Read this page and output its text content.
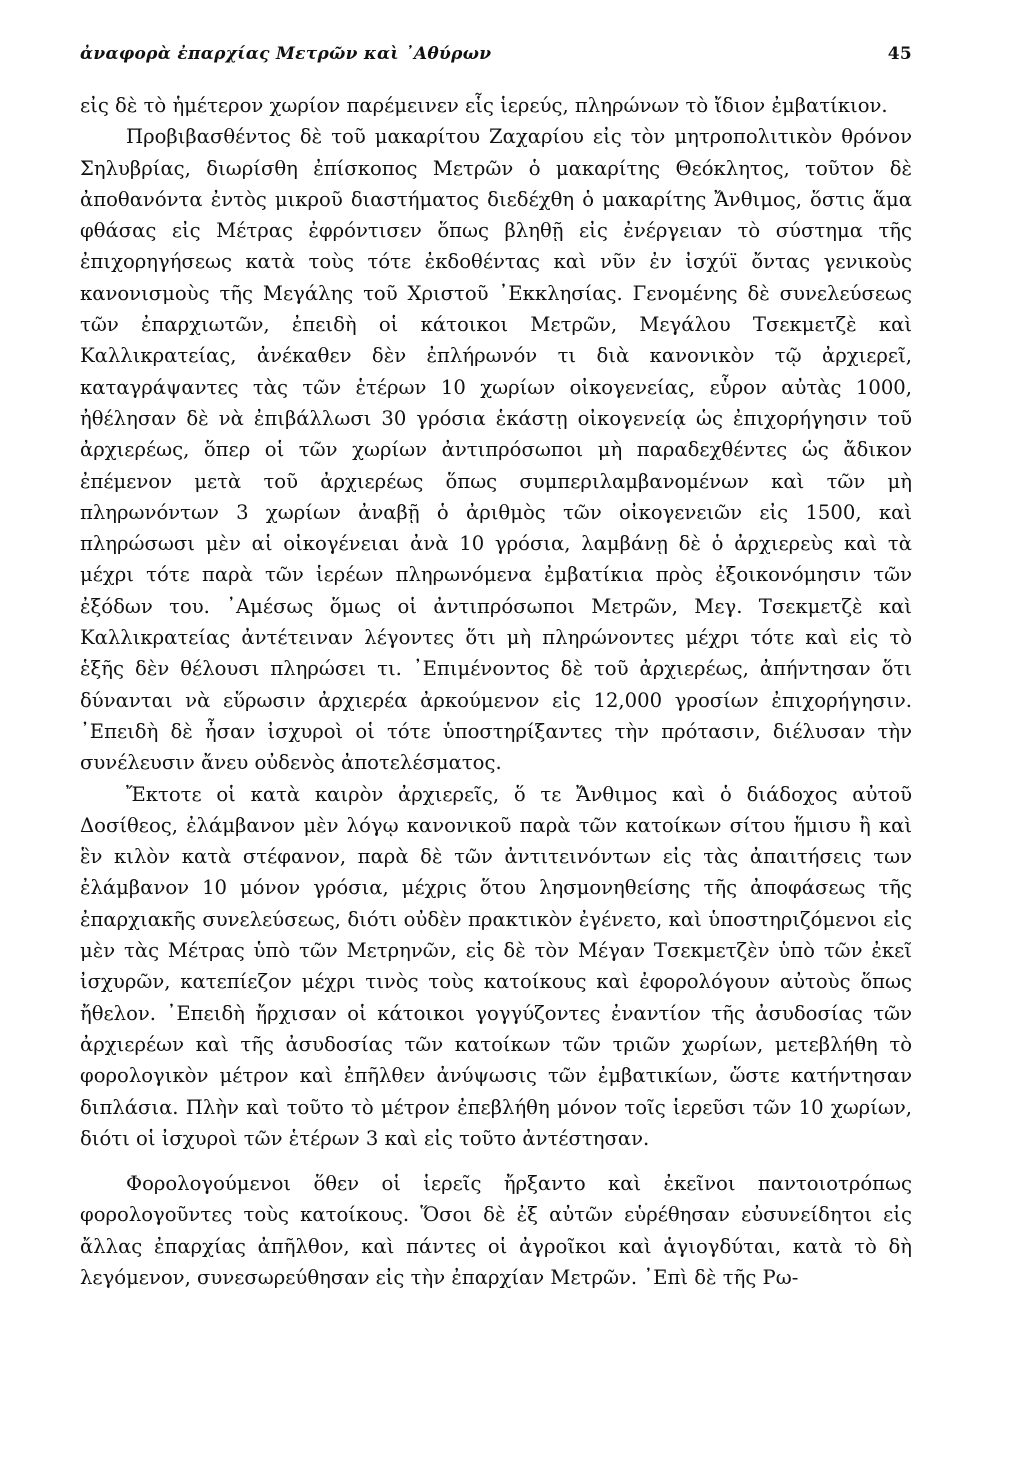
ἀναφορὰ ἐπαρχίας Μετρῶν καὶ ᾿Αθύρων	45

εἰς δὲ τὸ ἡμέτερον χωρίον παρέμεινεν εἷς ἱερεύς, πληρώνων τὸ ἴδιον ἐμβατίκιον.

Προβιβασθέντος δὲ τοῦ μακαρίτου Ζαχαρίου εἰς τὸν μητροπολιτικὸν θρόνον Σηλυβρίας, διωρίσθη ἐπίσκοπος Μετρῶν ὁ μακαρίτης Θεόκλητος, τοῦτον δὲ ἀποθανόντα ἐντὸς μικροῦ διαστήματος διεδέχθη ὁ μακαρίτης Ἄνθιμος, ὅστις ἅμα φθάσας εἰς Μέτρας ἐφρόντισεν ὅπως βληθῇ εἰς ἐνέργειαν τὸ σύστημα τῆς ἐπιχορηγήσεως κατὰ τοὺς τότε ἐκδοθέντας καὶ νῦν ἐν ἰσχύϊ ὄντας γενικοὺς κανονισμοὺς τῆς Μεγάλης τοῦ Χριστοῦ ᾿Εκκλησίας. Γενομένης δὲ συνελεύσεως τῶν ἐπαρχιωτῶν, ἐπειδὴ οἱ κάτοικοι Μετρῶν, Μεγάλου Τσεκμετζὲ καὶ Καλλικρατείας, ἀνέκαθεν δὲν ἐπλήρωνόν τι διὰ κανονικὸν τῷ ἀρχιερεῖ, καταγράψαντες τὰς τῶν ἑτέρων 10 χωρίων οἰκογενείας, εὗρον αὐτὰς 1000, ἠθέλησαν δὲ νὰ ἐπιβάλλωσι 30 γρόσια ἑκάστῃ οἰκογενείᾳ ὡς ἐπιχορήγησιν τοῦ ἀρχιερέως, ὅπερ οἱ τῶν χωρίων ἀντιπρόσωποι μὴ παραδεχθέντες ὡς ἄδικον ἐπέμενον μετὰ τοῦ ἀρχιερέως ὅπως συμπεριλαμβανομένων καὶ τῶν μὴ πληρωνόντων 3 χωρίων ἀναβῇ ὁ ἀριθμὸς τῶν οἰκογενειῶν εἰς 1500, καὶ πληρώσωσι μὲν αἱ οἰκογένειαι ἀνὰ 10 γρόσια, λαμβάνῃ δὲ ὁ ἀρχιερεὺς καὶ τὰ μέχρι τότε παρὰ τῶν ἱερέων πληρωνόμενα ἐμβατίκια πρὸς ἐξοικονόμησιν τῶν ἐξόδων του. ᾿Αμέσως ὅμως οἱ ἀντιπρόσωποι Μετρῶν, Μεγ. Τσεκμετζὲ καὶ Καλλικρατείας ἀντέτειναν λέγοντες ὅτι μὴ πληρώνοντες μέχρι τότε καὶ εἰς τὸ ἑξῆς δὲν θέλουσι πληρώσει τι. ᾿Επιμένοντος δὲ τοῦ ἀρχιερέως, ἀπήντησαν ὅτι δύνανται νὰ εὕρωσιν ἀρχιερέα ἀρκούμενον εἰς 12,000 γροσίων ἐπιχορήγησιν. ᾿Επειδὴ δὲ ἦσαν ἰσχυροὶ οἱ τότε ὑποστηρίξαντες τὴν πρότασιν, διέλυσαν τὴν συνέλευσιν ἄνευ οὐδενὸς ἀποτελέσματος.

Ἔκτοτε οἱ κατὰ καιρὸν ἀρχιερεῖς, ὅ τε Ἄνθιμος καὶ ὁ διάδοχος αὐτοῦ Δοσίθεος, ἐλάμβανον μὲν λόγῳ κανονικοῦ παρὰ τῶν κατοίκων σίτου ἥμισυ ἢ καὶ ἓν κιλὸν κατὰ στέφανον, παρὰ δὲ τῶν ἀντιτεινόντων εἰς τὰς ἀπαιτήσεις των ἐλάμβανον 10 μόνον γρόσια, μέχρις ὅτου λησμονηθείσης τῆς ἀποφάσεως τῆς ἐπαρχιακῆς συνελεύσεως, διότι οὐδὲν πρακτικὸν ἐγένετο, καὶ ὑποστηριζόμενοι εἰς μὲν τὰς Μέτρας ὑπὸ τῶν Μετρηνῶν, εἰς δὲ τὸν Μέγαν Τσεκμετζὲν ὑπὸ τῶν ἐκεῖ ἰσχυρῶν, κατεπίεζον μέχρι τινὸς τοὺς κατοίκους καὶ ἐφορολόγουν αὐτοὺς ὅπως ἤθελον. ᾿Επειδὴ ἤρχισαν οἱ κάτοικοι γογγύζοντες ἐναντίον τῆς ἀσυδοσίας τῶν ἀρχιερέων καὶ τῆς ἀσυδοσίας τῶν κατοίκων τῶν τριῶν χωρίων, μετεβλήθη τὸ φορολογικὸν μέτρον καὶ ἐπῆλθεν ἀνύψωσις τῶν ἐμβατικίων, ὥστε κατήντησαν διπλάσια. Πλὴν καὶ τοῦτο τὸ μέτρον ἐπεβλήθη μόνον τοῖς ἱερεῦσι τῶν 10 χωρίων, διότι οἱ ἰσχυροὶ τῶν ἑτέρων 3 καὶ εἰς τοῦτο ἀντέστησαν.

Φορολογούμενοι ὅθεν οἱ ἱερεῖς ἤρξαντο καὶ ἐκεῖνοι παντοιοτρόπως φορολογοῦντες τοὺς κατοίκους. Ὅσοι δὲ ἐξ αὐτῶν εὑρέθησαν εὐσυνείδητοι εἰς ἄλλας ἐπαρχίας ἀπῆλθον, καὶ πάντες οἱ ἀγροῖκοι καὶ ἁγιογδύται, κατὰ τὸ δὴ λεγόμενον, συνεσωρεύθησαν εἰς τὴν ἐπαρχίαν Μετρῶν. ᾿Επὶ δὲ τῆς Ρω-
